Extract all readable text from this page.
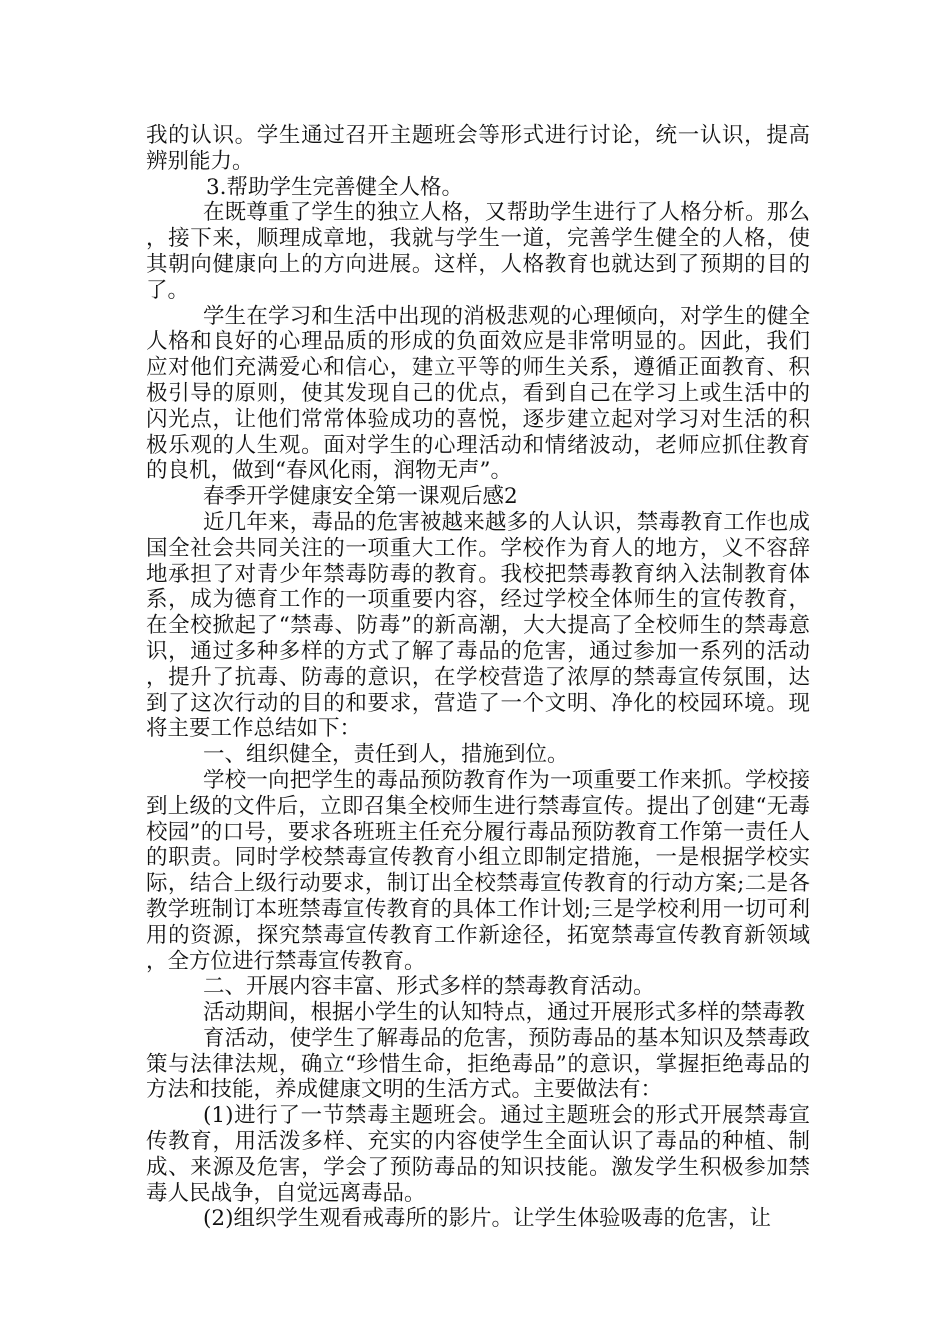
我的认识。学生通过召开主题班会等形式进行讨论，统一认识，提高辨别能力。

3.帮助学生完善健全人格。

在既尊重了学生的独立人格，又帮助学生进行了人格分析。那么，接下来，顺理成章地，我就与学生一道，完善学生健全的人格，使其朝向健康向上的方向进展。这样，人格教育也就达到了预期的目的了。

学生在学习和生活中出现的消极悲观的心理倾向，对学生的健全人格和良好的心理品质的形成的负面效应是非常明显的。因此，我们应对他们充满爱心和信心，建立平等的师生关系，遵循正面教育、积极引导的原则，使其发现自己的优点，看到自己在学习上或生活中的闪光点，让他们常常体验成功的喜悦，逐步建立起对学习对生活的积极乐观的人生观。面对学生的心理活动和情绪波动，老师应抓住教育的良机，做到“春风化雨，润物无声”。

春季开学健康安全第一课观后感2

近几年来，毒品的危害被越来越多的人认识，禁毒教育工作也成国全社会共同关注的一项重大工作。学校作为育人的地方，义不容辞地承担了对青少年禁毒防毒的教育。我校把禁毒教育纳入法制教育体系，成为德育工作的一项重要内容，经过学校全体师生的宣传教育，在全校掀起了“禁毒、防毒”的新高潮，大大提高了全校师生的禁毒意识，通过多种多样的方式了解了毒品的危害，通过参加一系列的活动，提升了抗毒、防毒的意识，在学校营造了浓厚的禁毒宣传氛围，达到了这次行动的目的和要求，营造了一个文明、净化的校园环境。现将主要工作总结如下：

一、组织健全，责任到人，措施到位。

学校一向把学生的毒品预防教育作为一项重要工作来抓。学校接到上级的文件后，立即召集全校师生进行禁毒宣传。提出了创建“无毒校园”的口号，要求各班班主任充分履行毒品预防教育工作第一责任人的职责。同时学校禁毒宣传教育小组立即制定措施，一是根据学校实际，结合上级行动要求，制订出全校禁毒宣传教育的行动方案;二是各教学班制订本班禁毒宣传教育的具体工作计划;三是学校利用一切可利用的资源，探究禁毒宣传教育工作新途径，拓宽禁毒宣传教育新领域，全方位进行禁毒宣传教育。

二、开展内容丰富、形式多样的禁毒教育活动。

活动期间，根据小学生的认知特点，通过开展形式多样的禁毒教

育活动，使学生了解毒品的危害，预防毒品的基本知识及禁毒政策与法律法规，确立“珍惜生命，拒绝毒品”的意识，掌握拒绝毒品的方法和技能，养成健康文明的生活方式。主要做法有：

(1)进行了一节禁毒主题班会。通过主题班会的形式开展禁毒宣传教育，用活泼多样、充实的内容使学生全面认识了毒品的种植、制成、来源及危害，学会了预防毒品的知识技能。激发学生积极参加禁毒人民战争，自觉远离毒品。

(2)组织学生观看戒毒所的影片。让学生体验吸毒的危害，让
